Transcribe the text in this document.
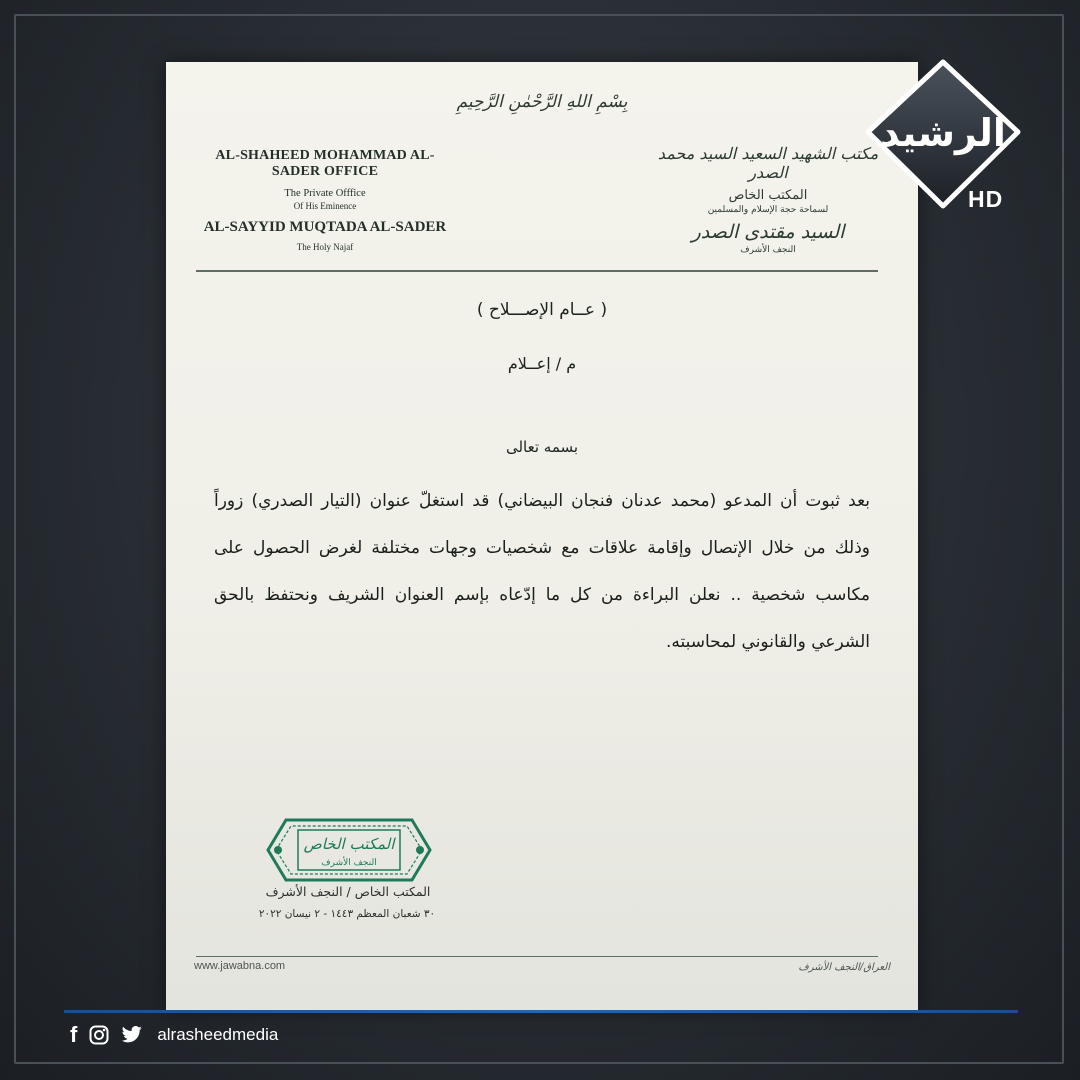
بِسْمِ اللهِ الرَّحْمٰنِ الرَّحِيمِ
AL-SHAHEED MOHAMMAD AL-SADER OFFICE
The Private Offfice
Of His Eminence
AL-SAYYID MUQTADA AL-SADER
The Holy Najaf
مكتب الشهيد السعيد السيد محمد الصدر
المكتب الخاص
لسماحة حجة الإسلام والمسلمين
السيد مقتدى الصدر
النجف الأشرف
( عــام الإصـــلاح )
م / إعــلام
بسمه تعالى
بعد ثبوت أن المدعو (محمد عدنان فنجان البيضاني) قد استغلّ عنوان (التيار الصدري) زوراً وذلك من خلال الإتصال وإقامة علاقات مع شخصيات وجهات مختلفة لغرض الحصول على مكاسب شخصية .. نعلن البراءة من كل ما إدّعاه بإسم العنوان الشريف ونحتفظ بالحق الشرعي والقانوني لمحاسبته.
المكتب الخاص
النجف الأشرف
المكتب الخاص / النجف الأشرف
٣٠ شعبان المعظم ١٤٤٣ - ٢ نيسان ٢٠٢٢
www.jawabna.com	العراق/النجف الأشرف
الرشيد
HD
f	alrasheedmedia
